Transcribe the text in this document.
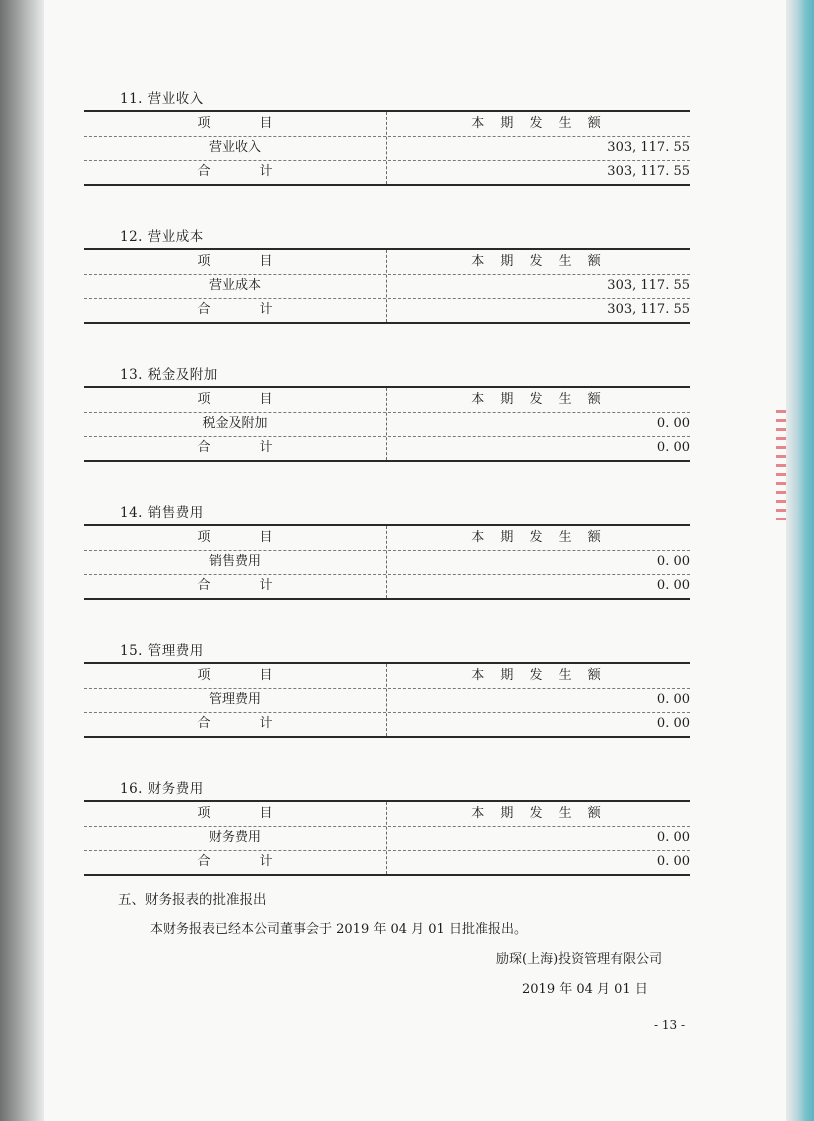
11. 营业收入
项　目	本 期 发 生 额
营业收入	303, 117. 55
合　计	303, 117. 55
12. 营业成本
项　目	本 期 发 生 额
营业成本	303, 117. 55
合　计	303, 117. 55
13. 税金及附加
项　目	本 期 发 生 额
税金及附加	0. 00
合　计	0. 00
14. 销售费用
项　目	本 期 发 生 额
销售费用	0. 00
合　计	0. 00
15. 管理费用
项　目	本 期 发 生 额
管理费用	0. 00
合　计	0. 00
16. 财务费用
项　目	本 期 发 生 额
财务费用	0. 00
合　计	0. 00
五、财务报表的批准报出
本财务报表已经本公司董事会于 2019 年 04 月 01 日批准报出。
励琛(上海)投资管理有限公司
2019 年 04 月 01 日
- 13 -
